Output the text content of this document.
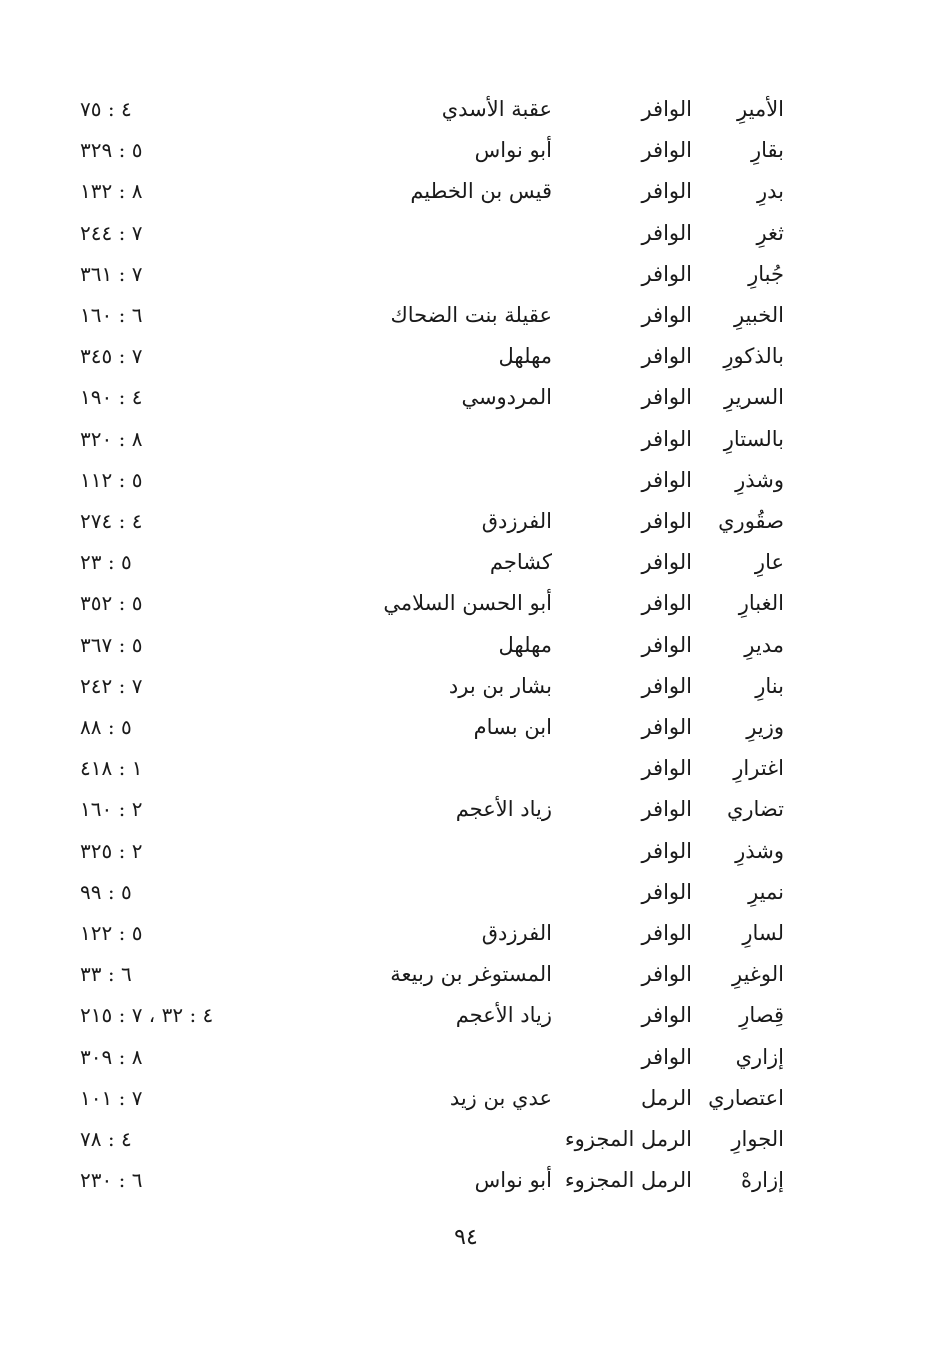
الأميرِ
الوافر
عقبة الأسدي
٤ : ٧٥
بقارِ
الوافر
أبو نواس
٥ : ٣٢٩
بدرِ
الوافر
قيس بن الخطيم
٨ : ١٣٢
ثغرِ
الوافر
٧ : ٢٤٤
جُبارِ
الوافر
٧ : ٣٦١
الخبيرِ
الوافر
عقيلة بنت الضحاك
٦ : ١٦٠
بالذكورِ
الوافر
مهلهل
٧ : ٣٤٥
السريرِ
الوافر
المردوسي
٤ : ١٩٠
بالستارِ
الوافر
٨ : ٣٢٠
وشذرِ
الوافر
٥ : ١١٢
صقُوري
الوافر
الفرزدق
٤ : ٢٧٤
عارِ
الوافر
كشاجم
٥ : ٢٣
الغبارِ
الوافر
أبو الحسن السلامي
٥ : ٣٥٢
مديرِ
الوافر
مهلهل
٥ : ٣٦٧
بنارِ
الوافر
بشار بن برد
٧ : ٢٤٢
وزيرِ
الوافر
ابن بسام
٥ : ٨٨
اغترارِ
الوافر
١ : ٤١٨
تضاري
الوافر
زياد الأعجم
٢ : ١٦٠
وشذرِ
الوافر
٢ : ٣٢٥
نميرِ
الوافر
٥ : ٩٩
لسارِ
الوافر
الفرزدق
٥ : ١٢٢
الوغيرِ
الوافر
المستوغر بن ربيعة
٦ : ٣٣
قِصارِ
الوافر
زياد الأعجم
٤ : ٣٢ ، ٧ : ٢١٥
إزاري
الوافر
٨ : ٣٠٩
اعتصاري
الرمل
عدي بن زيد
٧ : ١٠١
الجوارِ
الرمل المجزوء
٤ : ٧٨
إزارهْ
الرمل المجزوء
أبو نواس
٦ : ٢٣٠
٩٤
